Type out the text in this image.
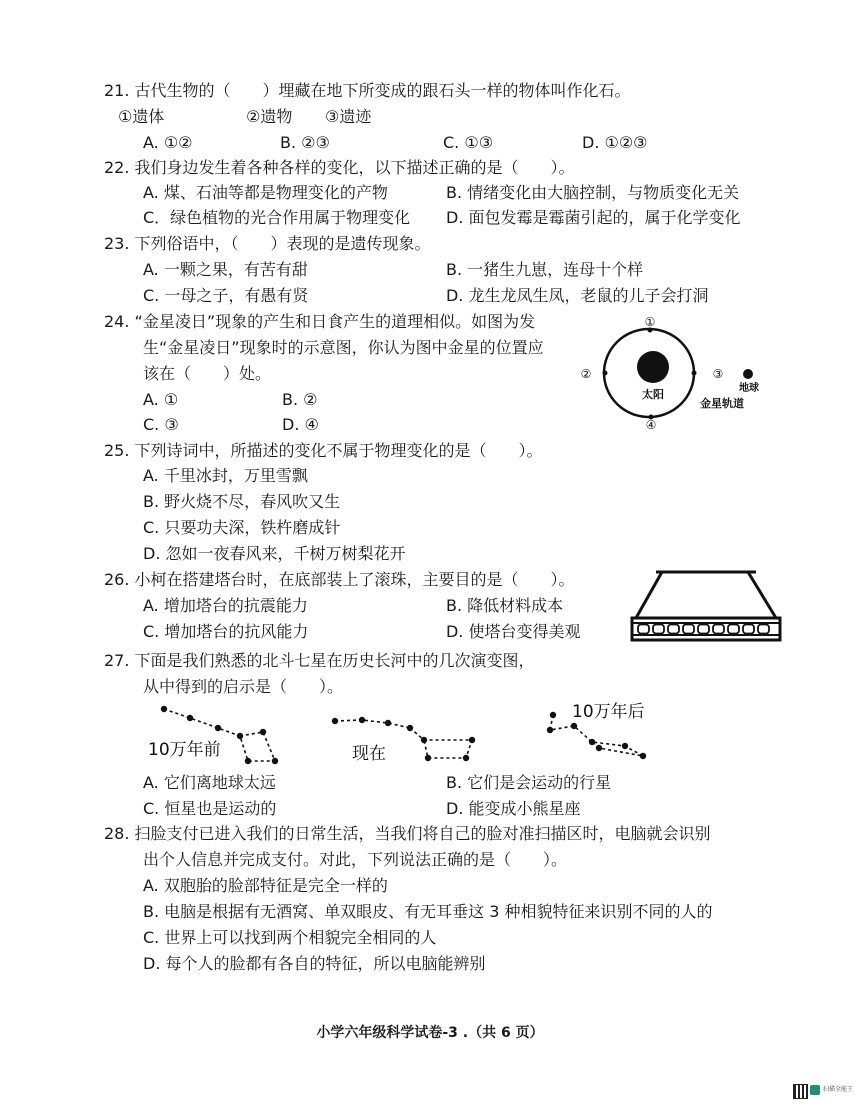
21. 古代生物的（　　）埋藏在地下所变成的跟石头一样的物体叫作化石。
①遗体	②遗物 ③遗迹
A. ①②	B. ②③	C. ①③	D. ①②③
22. 我们身边发生着各种各样的变化，以下描述正确的是（　　）。
A. 煤、石油等都是物理变化的产物	B. 情绪变化由大脑控制，与物质变化无关
C．绿色植物的光合作用属于物理变化 D. 面包发霉是霉菌引起的，属于化学变化
23. 下列俗语中，（　　）表现的是遗传现象。
A. 一颗之果，有苦有甜	B. 一猪生九崽，连母十个样
C. 一母之子，有愚有贤	D. 龙生龙凤生凤，老鼠的儿子会打洞
24. “金星凌日”现象的产生和日食产生的道理相似。如图为发
生“金星凌日”现象时的示意图，你认为图中金星的位置应
该在（　　）处。
A. ①	B. ②
C. ③	D. ④
太阳
①
②	③
④
地球
金星轨道
25. 下列诗词中，所描述的变化不属于物理变化的是（　　）。
A. 千里冰封，万里雪飘
B. 野火烧不尽，春风吹又生
C. 只要功夫深，铁杵磨成针
D. 忽如一夜春风来，千树万树梨花开
26. 小柯在搭建塔台时，在底部装上了滚珠，主要目的是（　　）。
A. 增加塔台的抗震能力	B. 降低材料成本
C. 增加塔台的抗风能力	D. 使塔台变得美观
27. 下面是我们熟悉的北斗七星在历史长河中的几次演变图，
从中得到的启示是（　　）。
10万年前	现在
10万年后
A. 它们离地球太远	B. 它们是会运动的行星
C. 恒星也是运动的	D. 能变成小熊星座
28. 扫脸支付已进入我们的日常生活，当我们将自己的脸对准扫描区时，电脑就会识别
出个人信息并完成支付。对此，下列说法正确的是（　　）。
A. 双胞胎的脸部特征是完全一样的
B. 电脑是根据有无酒窝、单双眼皮、有无耳垂这 3 种相貌特征来识别不同的人的
C. 世界上可以找到两个相貌完全相同的人
D. 每个人的脸都有各自的特征，所以电脑能辨别
小学六年级科学试卷-3 .（共 6 页）
扫描全能王
